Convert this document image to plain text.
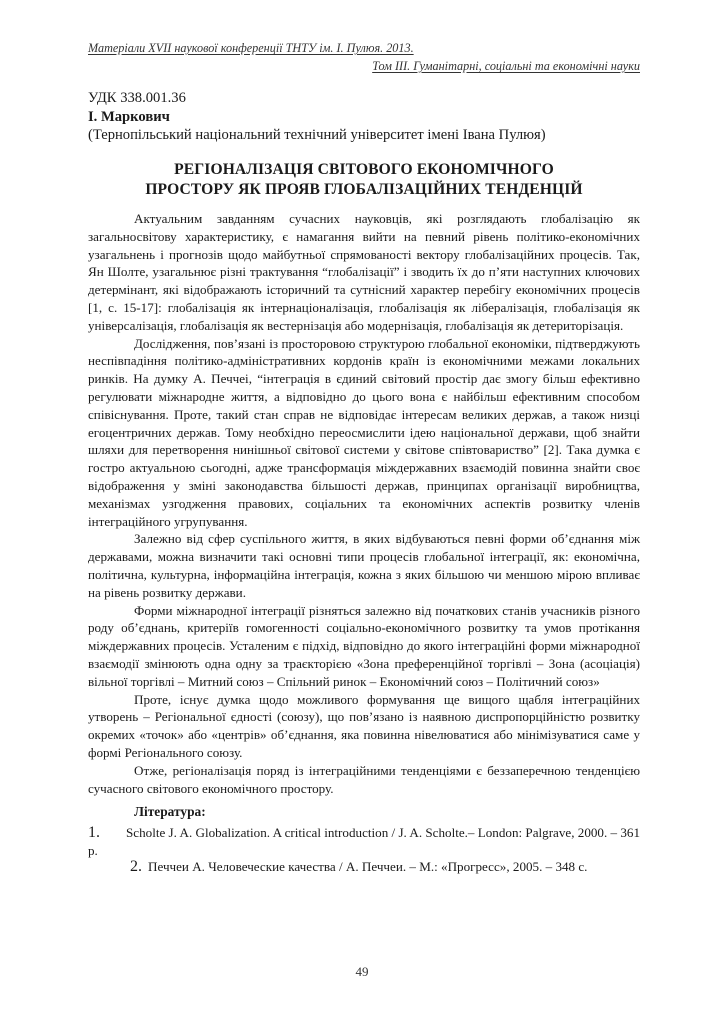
Матеріали XVІІ наукової конференції ТНТУ ім. І. Пулюя. 2013.
Том ІІІ. Гуманітарні, соціальні та економічні науки
УДК 338.001.36
І. Маркович
(Тернопільський національний технічний університет імені Івана Пулюя)
РЕГІОНАЛІЗАЦІЯ СВІТОВОГО ЕКОНОМІЧНОГО
ПРОСТОРУ ЯК ПРОЯВ ГЛОБАЛІЗАЦІЙНИХ ТЕНДЕНЦІЙ

Актуальним завданням сучасних науковців, які розглядають глобалізацію як загальносвітову характеристику, є намагання вийти на певний рівень політико-економічних узагальнень і прогнозів щодо майбутньої спрямованості вектору глобалізаційних процесів. Так, Ян Шолте, узагальнює різні трактування “глобалізації” і зводить їх до п’яти наступних ключових детермінант, які відображають історичний та сутнісний характер перебігу економічних процесів [1, с. 15-17]: глобалізація як інтернаціоналізація, глобалізація як лібералізація, глобалізація як універсалізація, глобалізація як вестернізація або модернізація, глобалізація як детериторізація.

Дослідження, пов’язані із просторовою структурою глобальної економіки, підтверджують неспівпадіння політико-адміністративних кордонів країн із економічними межами локальних ринків. На думку А. Печчеі, “інтеграція в єдиний світовий простір дає змогу більш ефективно регулювати міжнародне життя, а відповідно до цього вона є найбільш ефективним способом співіснування. Проте, такий стан справ не відповідає інтересам великих держав, а також низці егоцентричних держав. Тому необхідно переосмислити ідею національної держави, щоб знайти шляхи для перетворення нинішньої світової системи у світове співтовариство” [2]. Така думка є гостро актуальною сьогодні, адже трансформація міждержавних взаємодій повинна знайти своє відображення у зміні законодавства більшості держав, принципах організації виробництва, механізмах узгодження правових, соціальних та економічних аспектів розвитку членів інтеграційного угрупування.

Залежно від сфер суспільного життя, в яких відбуваються певні форми об’єднання між державами, можна визначити такі основні типи процесів глобальної інтеграції, як: економічна, політична, культурна, інформаційна інтеграція, кожна з яких більшою чи меншою мірою впливає на рівень розвитку держави.

Форми міжнародної інтеграції різняться залежно від початкових станів учасників різного роду об’єднань, критеріїв гомогенності соціально-економічного розвитку та умов протікання міждержавних процесів. Усталеним є підхід, відповідно до якого інтеграційні форми міжнародної взаємодії змінюють одна одну за траєкторією «Зона преференційної торгівлі – Зона (асоціація) вільної торгівлі – Митний союз – Спільний ринок – Економічний союз – Політичний союз»

Проте, існує думка щодо можливого формування ще вищого щабля інтеграційних утворень – Регіональної єдності (союзу), що пов’язано із наявною диспропорційністю розвитку окремих «точок» або «центрів» об’єднання, яка повинна нівелюватися або мінімізуватися саме у формі Регіонального союзу.

Отже, регіоналізація поряд із інтеграційними тенденціями є беззаперечною тенденцією сучасного світового економічного простору.

Література:
1. Scholte J. A. Globalization. A critical introduction / J. A. Scholte.– London: Palgrave, 2000. – 361 p.
2. Печчеи А. Человеческие качества / А. Печчеи. – М.: «Прогресс», 2005. – 348 с.
49
